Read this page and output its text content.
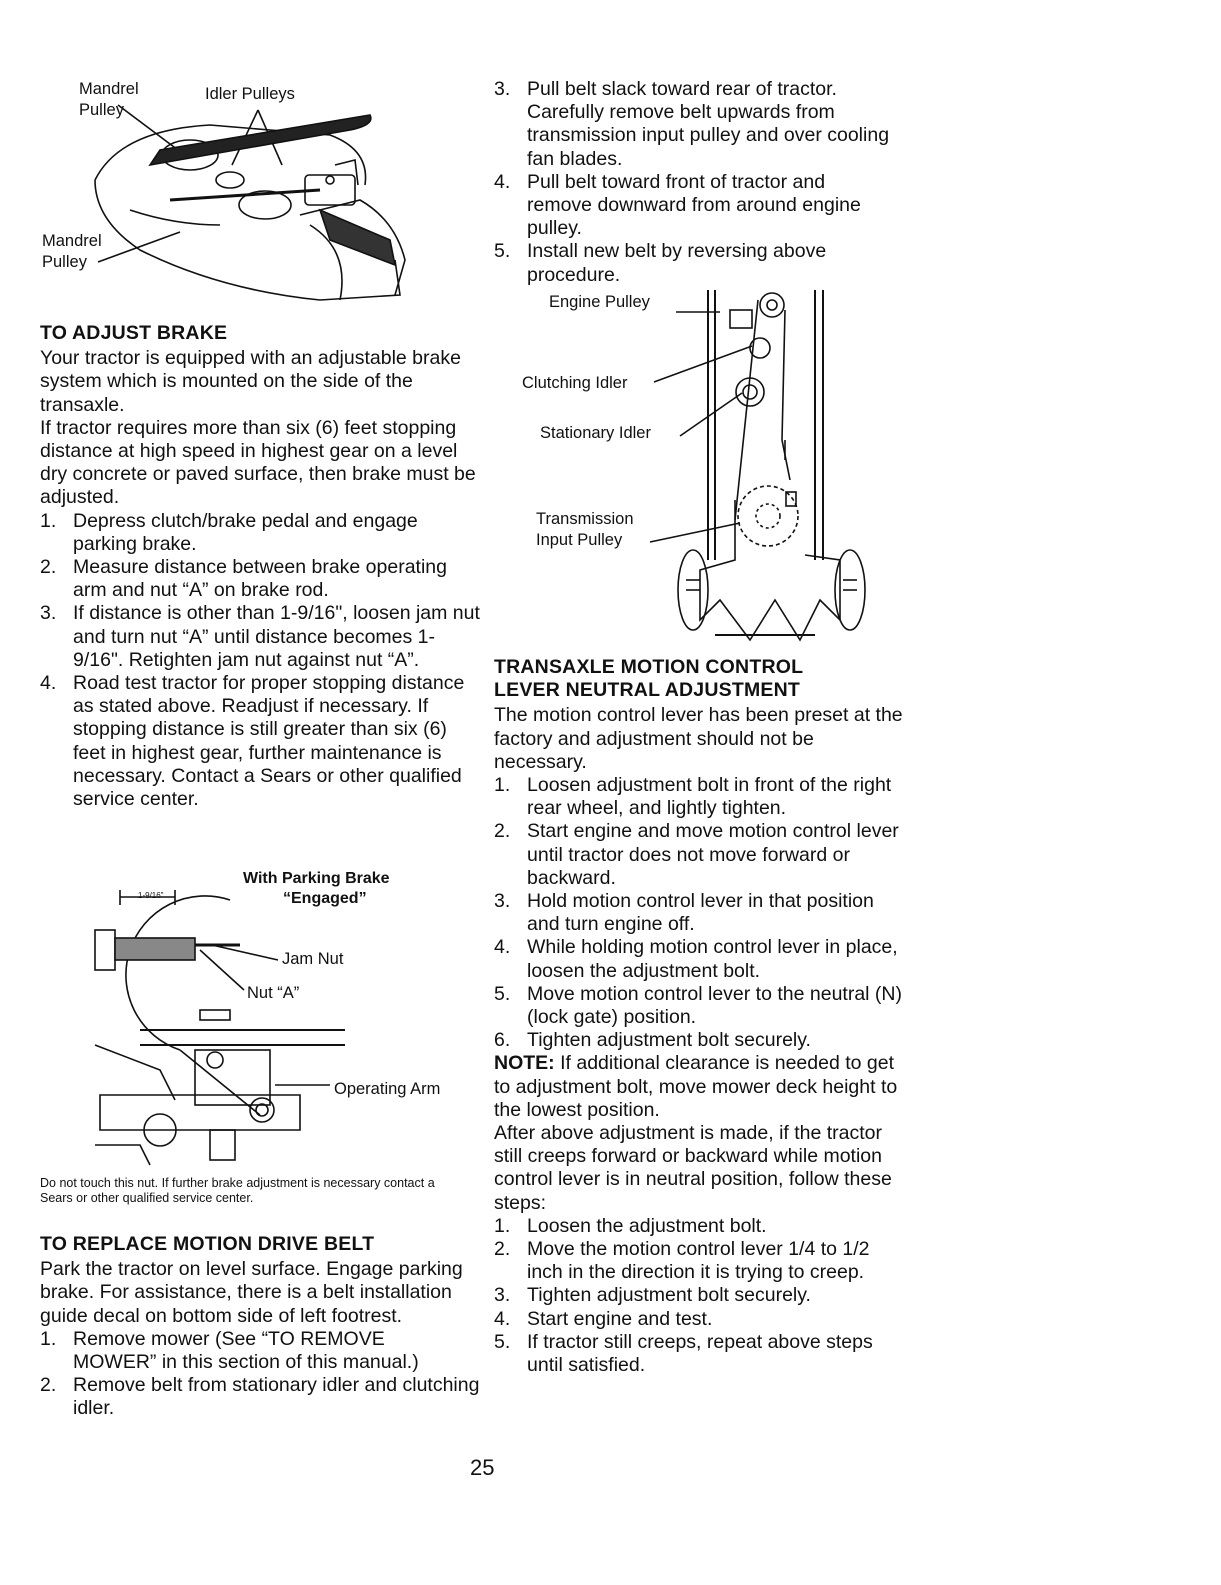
Mandrel
Pulley
Idler Pulleys
Mandrel
Pulley
TO ADJUST BRAKE

Your tractor is equipped with an adjustable brake system which is mounted on the side of the transaxle.

If tractor requires more than six (6) feet stopping distance at high speed in highest gear on a level dry concrete or paved surface, then brake must be adjusted.

1. Depress clutch/brake pedal and engage parking brake.
2. Measure distance between brake operating arm and nut “A” on brake rod.
3. If distance is other than 1-9/16", loosen jam nut and turn nut “A” until distance becomes 1-9/16". Retighten jam nut against nut “A”.
4. Road test tractor for proper stopping distance as stated above. Readjust if necessary. If stopping distance is still greater than six (6) feet in highest gear, further maintenance is necessary. Contact a Sears or other qualified service center.
With Parking Brake
“Engaged”
1-9/16"
Jam Nut
Nut “A”
Operating Arm

Do not touch this nut. If further brake adjustment is necessary contact a Sears or other qualified service center.

TO REPLACE MOTION DRIVE BELT

Park the tractor on level surface. Engage parking brake. For assistance, there is a belt installation guide decal on bottom side of left footrest.

1. Remove mower (See “TO REMOVE MOWER” in this section of this manual.)
2. Remove belt from stationary idler and clutching idler.
25
3. Pull belt slack toward rear of tractor. Carefully remove belt upwards from transmission input pulley and over cooling fan blades.
4. Pull belt toward front of tractor and remove downward from around engine pulley.
5. Install new belt by reversing above procedure.
Engine Pulley
Clutching Idler
Stationary Idler
Transmission
Input Pulley
TRANSAXLE MOTION CONTROL
LEVER NEUTRAL ADJUSTMENT

The motion control lever has been preset at the factory and adjustment should not be necessary.

1. Loosen adjustment bolt in front of the right rear wheel, and lightly tighten.
2. Start engine and move motion control lever until tractor does not move forward or backward.
3. Hold motion control lever in that position and turn engine off.
4. While holding motion control lever in place, loosen the adjustment bolt.
5. Move motion control lever to the neutral (N) (lock gate) position.
6. Tighten adjustment bolt securely.

NOTE: If additional clearance is needed to get to adjustment bolt, move mower deck height to the lowest position.

After above adjustment is made, if the tractor still creeps forward or backward while motion control lever is in neutral position, follow these steps:

1. Loosen the adjustment bolt.
2. Move the motion control lever 1/4 to 1/2 inch in the direction it is trying to creep.
3. Tighten adjustment bolt securely.
4. Start engine and test.
5. If tractor still creeps, repeat above steps until satisfied.
